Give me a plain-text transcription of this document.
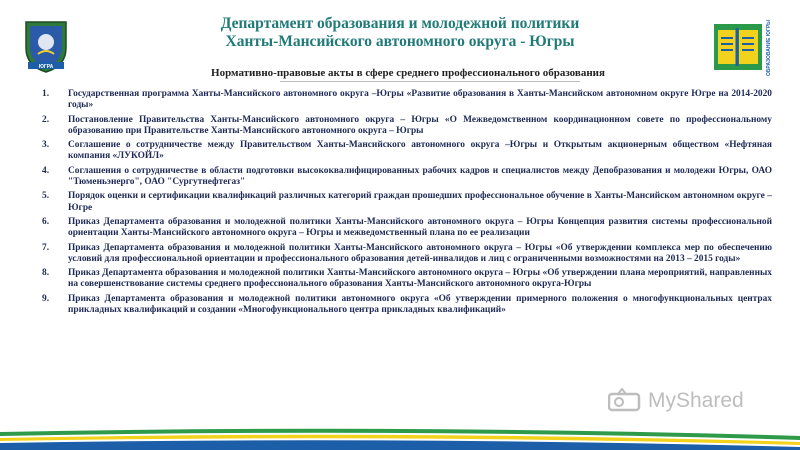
ЮГРА
Департамент образования и молодежной политики
Ханты-Мансийского автономного округа - Югры	ОБРАЗОВАНИЕ ЮГРЫ
Нормативно-правовые акты в сфере среднего профессионального образования
1.	Государственная программа Ханты-Мансийского автономного округа –Югры «Развитие образования в Ханты-Мансийском автономном округе Югре на 2014-2020 годы»
2.	Постановление Правительства Ханты-Мансийского автономного округа – Югры «О Межведомственном координационном совете по профессиональному образованию при Правительстве Ханты-Мансийского автономного округа – Югры
3.	Соглашение о сотрудничестве между Правительством Ханты-Мансийского автономного округа –Югры и Открытым акционерным обществом «Нефтяная компания «ЛУКОЙЛ»
4.	Соглашения о сотрудничестве в области подготовки высококвалифицированных рабочих кадров и специалистов между Депобразования и молодежи Югры, ОАО "Тюменьэнерго", ОАО "Сургутнефтегаз"
5.	Порядок оценки и сертификации квалификаций различных категорий граждан прошедших профессиональное обучение в Ханты-Мансийском автономном округе – Югре
6.	Приказ Департамента образования и молодежной политики Ханты-Мансийского автономного округа – Югры Концепция развития системы профессиональной ориентации Ханты-Мансийского автономного округа – Югры и межведомственный плана по ее реализации
7.	Приказ Департамента образования и молодежной политики Ханты-Мансийского автономного округа – Югры «Об утверждении комплекса мер по обеспечению условий для профессиональной ориентации и профессионального образования детей-инвалидов и лиц с ограниченными возможностями на 2013 – 2015 годы»
8.	Приказ Департамента образования и молодежной политики Ханты-Мансийского автономного округа – Югры «Об утверждении плана мероприятий, направленных на совершенствование системы среднего профессионального образования Ханты-Мансийского автономного округа-Югры
9.	Приказ Департамента образования и молодежной политики автономного округа «Об утверждении примерного положения о многофункциональных центрах прикладных квалификаций и создании «Многофункционального центра прикладных квалификаций»
MyShared
